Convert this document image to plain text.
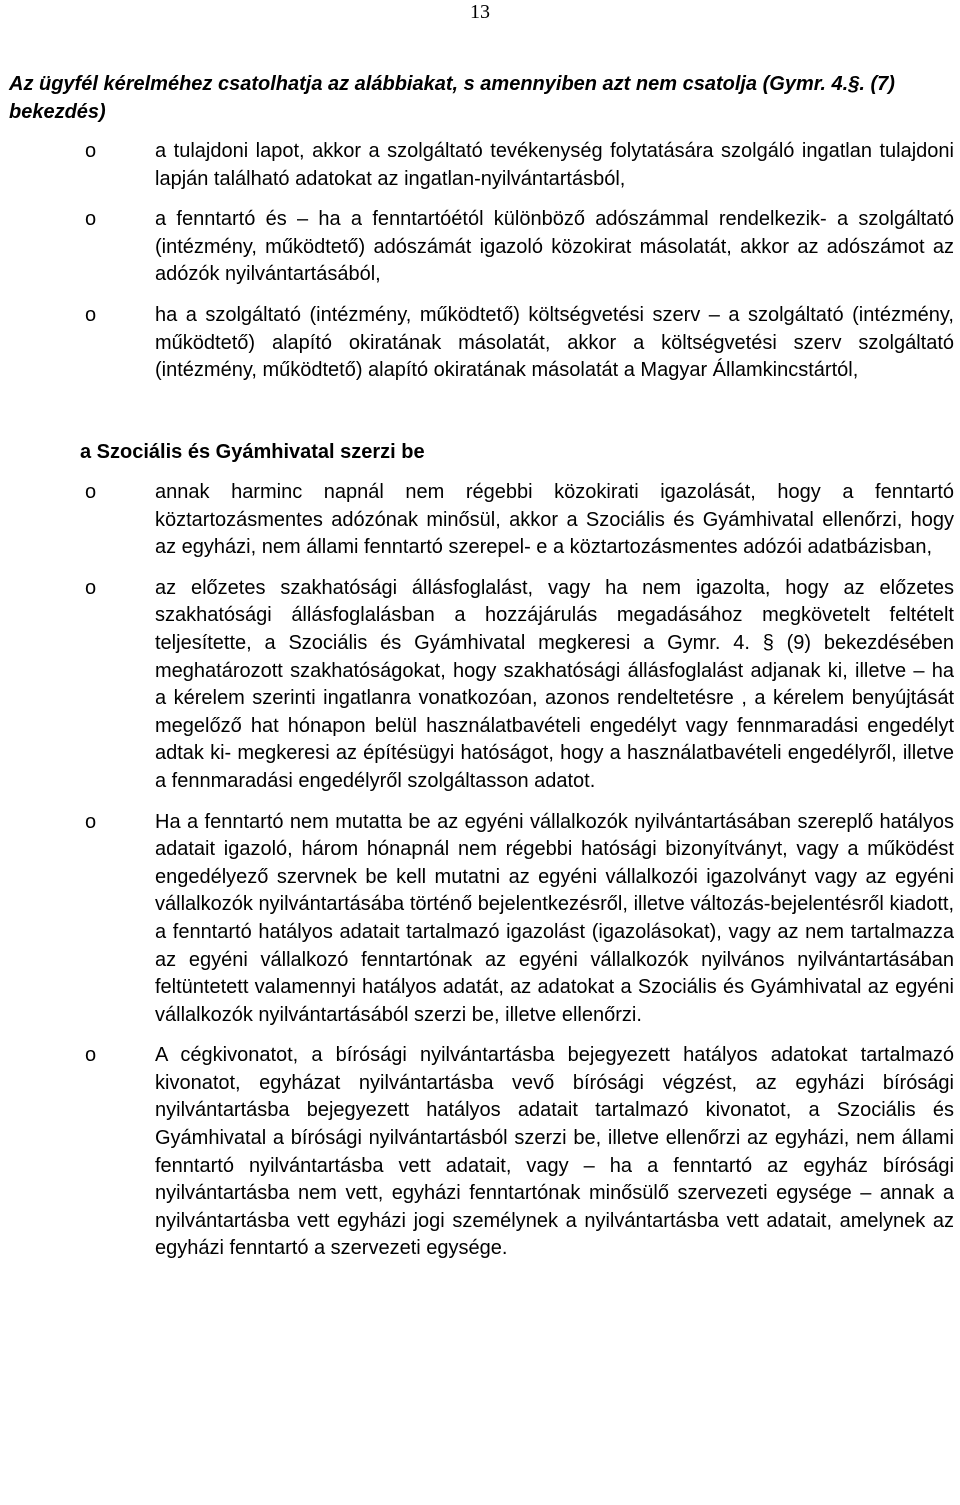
13
Az ügyfél kérelméhez csatolhatja az alábbiakat, s amennyiben azt nem csatolja (Gymr. 4.§. (7) bekezdés)
o	a tulajdoni lapot, akkor a szolgáltató tevékenység folytatására szolgáló ingatlan tulajdoni lapján található adatokat az ingatlan-nyilvántartásból,
o	a fenntartó és – ha a fenntartóétól különböző adószámmal rendelkezik- a szolgáltató (intézmény, működtető) adószámát igazoló közokirat másolatát, akkor az adószámot az adózók nyilvántartásából,
o	ha a szolgáltató (intézmény, működtető) költségvetési szerv – a szolgáltató (intézmény, működtető) alapító okiratának másolatát, akkor a költségvetési szerv szolgáltató (intézmény, működtető) alapító okiratának másolatát a Magyar Államkincstártól,
a Szociális és Gyámhivatal szerzi be
o	annak harminc napnál nem régebbi közokirati igazolását, hogy a fenntartó köztartozásmentes adózónak minősül, akkor a Szociális és Gyámhivatal ellenőrzi, hogy az egyházi, nem állami fenntartó szerepel- e a köztartozásmentes adózói adatbázisban,
o	az előzetes szakhatósági állásfoglalást, vagy ha nem igazolta, hogy az előzetes szakhatósági állásfoglalásban a hozzájárulás megadásához megkövetelt feltételt teljesítette, a Szociális és Gyámhivatal megkeresi a Gymr. 4. § (9) bekezdésében meghatározott szakhatóságokat, hogy szakhatósági állásfoglalást adjanak ki, illetve – ha a kérelem szerinti ingatlanra vonatkozóan, azonos rendeltetésre , a kérelem benyújtását megelőző hat hónapon belül használatbavételi engedélyt vagy fennmaradási engedélyt adtak ki- megkeresi az építésügyi hatóságot, hogy a használatbavételi engedélyről, illetve a fennmaradási engedélyről szolgáltasson adatot.
o	Ha a fenntartó nem mutatta be az egyéni vállalkozók nyilvántartásában szereplő hatályos adatait igazoló, három hónapnál nem régebbi hatósági bizonyítványt, vagy a működést engedélyező szervnek be kell mutatni az egyéni vállalkozói igazolványt vagy az egyéni vállalkozók nyilvántartásába történő bejelentkezésről, illetve változás-bejelentésről kiadott, a fenntartó hatályos adatait tartalmazó igazolást (igazolásokat), vagy az nem tartalmazza az egyéni vállalkozó fenntartónak az egyéni vállalkozók nyilvános nyilvántartásában feltüntetett valamennyi hatályos adatát, az adatokat a Szociális és Gyámhivatal az egyéni vállalkozók nyilvántartásából szerzi be, illetve ellenőrzi.
o	A cégkivonatot, a bírósági nyilvántartásba bejegyezett hatályos adatokat tartalmazó kivonatot, egyházat nyilvántartásba vevő bírósági végzést, az egyházi bírósági nyilvántartásba bejegyezett hatályos adatait tartalmazó kivonatot, a Szociális és Gyámhivatal a bírósági nyilvántartásból szerzi be, illetve ellenőrzi az egyházi, nem állami fenntartó nyilvántartásba vett adatait, vagy – ha a fenntartó az egyház bírósági nyilvántartásba nem vett, egyházi fenntartónak minősülő szervezeti egysége – annak a nyilvántartásba vett egyházi jogi személynek a nyilvántartásba vett adatait, amelynek az egyházi fenntartó a szervezeti egysége.
